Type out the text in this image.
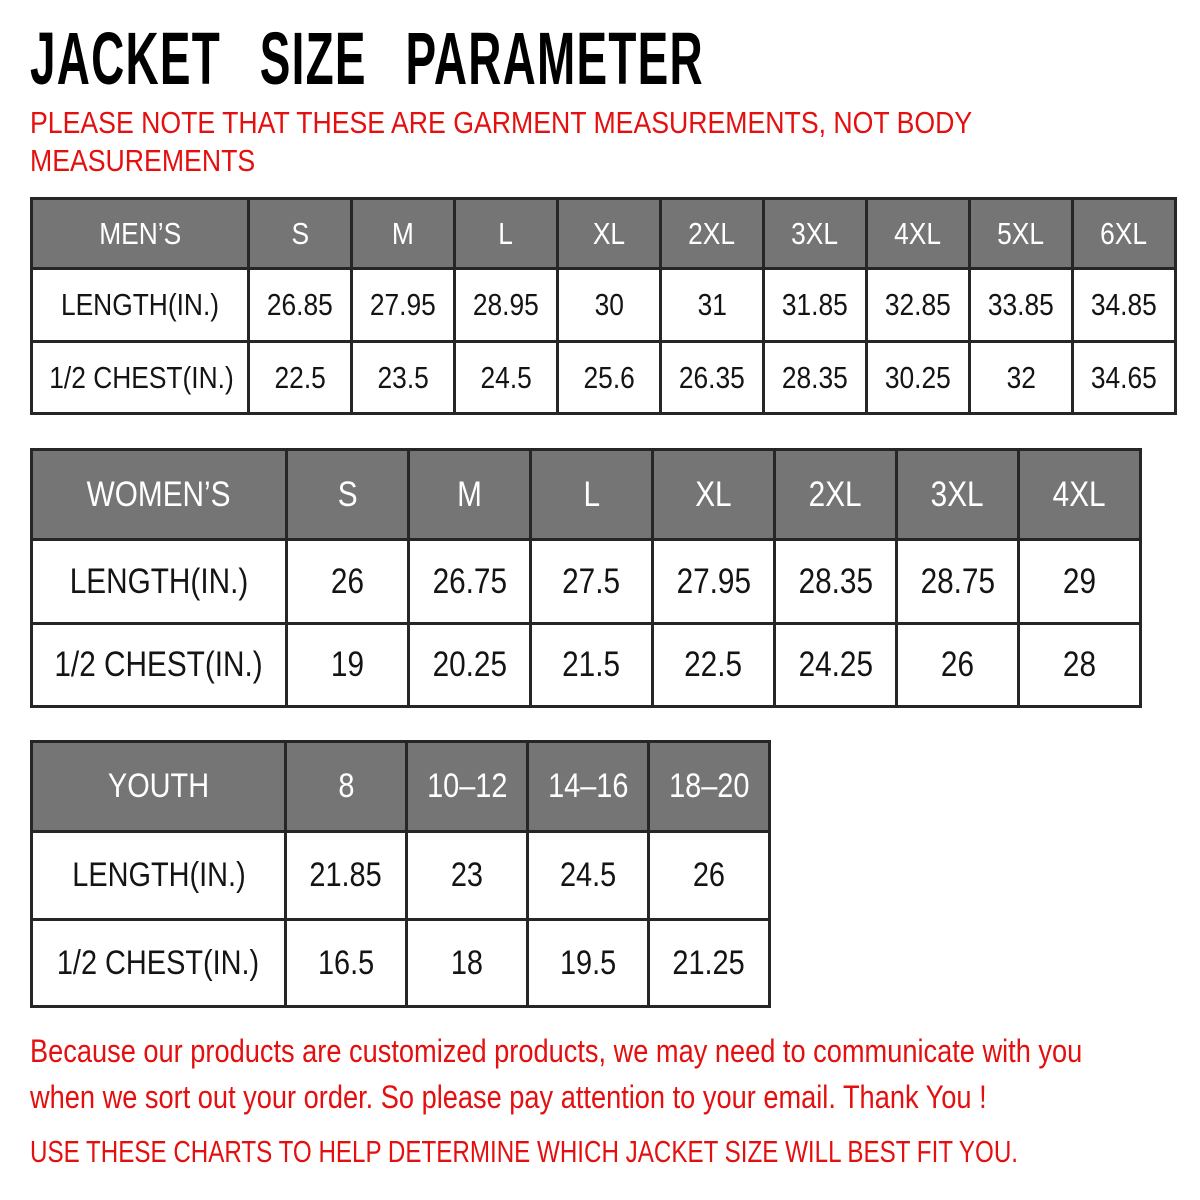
JACKET SIZE PARAMETER
PLEASE NOTE THAT THESE ARE GARMENT MEASUREMENTS, NOT BODY
MEASUREMENTS
MEN’S	S	M	L	XL	2XL	3XL	4XL	5XL	6XL
LENGTH(IN.)	26.85	27.95	28.95	30	31	31.85	32.85	33.85	34.85
1/2 CHEST(IN.)	22.5	23.5	24.5	25.6	26.35	28.35	30.25	32	34.65
WOMEN’S	S	M	L	XL	2XL	3XL	4XL
LENGTH(IN.)	26	26.75	27.5	27.95	28.35	28.75	29
1/2 CHEST(IN.)	19	20.25	21.5	22.5	24.25	26	28
YOUTH	8	10–12	14–16	18–20
LENGTH(IN.)	21.85	23	24.5	26
1/2 CHEST(IN.)	16.5	18	19.5	21.25

Because our products are customized products, we may need to communicate with you
when we sort out your order. So please pay attention to your email. Thank You !

USE THESE CHARTS TO HELP DETERMINE WHICH JACKET SIZE WILL BEST FIT YOU.
